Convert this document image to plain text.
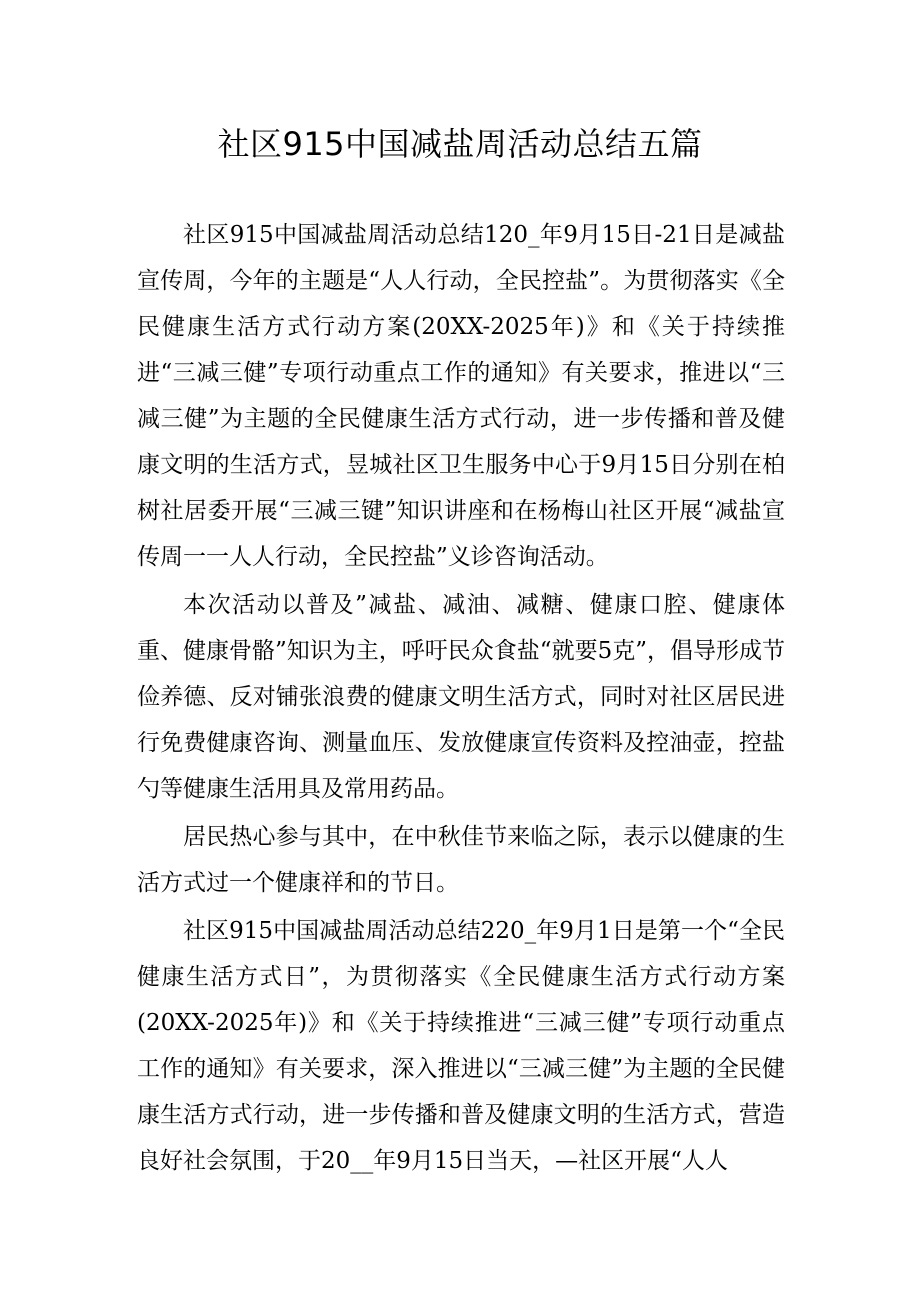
社区915中国减盐周活动总结五篇

社区915中国减盐周活动总结120_年9月15日-21日是减盐宣传周，今年的主题是“人人行动，全民控盐”。为贯彻落实《全民健康生活方式行动方案(20XX-2025年)》和《关于持续推进“三减三健”专项行动重点工作的通知》有关要求，推进以“三减三健”为主题的全民健康生活方式行动，进一步传播和普及健康文明的生活方式，昱城社区卫生服务中心于9月15日分别在柏树社居委开展“三减三键”知识讲座和在杨梅山社区开展“减盐宣传周一一人人行动，全民控盐”义诊咨询活动。

本次活动以普及”减盐、减油、减糖、健康口腔、健康体重、健康骨骼”知识为主，呼吁民众食盐“就要5克”，倡导形成节俭养德、反对铺张浪费的健康文明生活方式，同时对社区居民进行免费健康咨询、测量血压、发放健康宣传资料及控油壶，控盐勺等健康生活用具及常用药品。

居民热心参与其中，在中秋佳节来临之际，表示以健康的生活方式过一个健康祥和的节日。

社区915中国减盐周活动总结220_年9月1日是第一个“全民健康生活方式日”，为贯彻落实《全民健康生活方式行动方案(20XX-2025年)》和《关于持续推进“三减三健”专项行动重点工作的通知》有关要求，深入推进以“三减三健”为主题的全民健康生活方式行动，进一步传播和普及健康文明的生活方式，营造良好社会氛围，于20__年9月15日当天，—社区开展“人人
